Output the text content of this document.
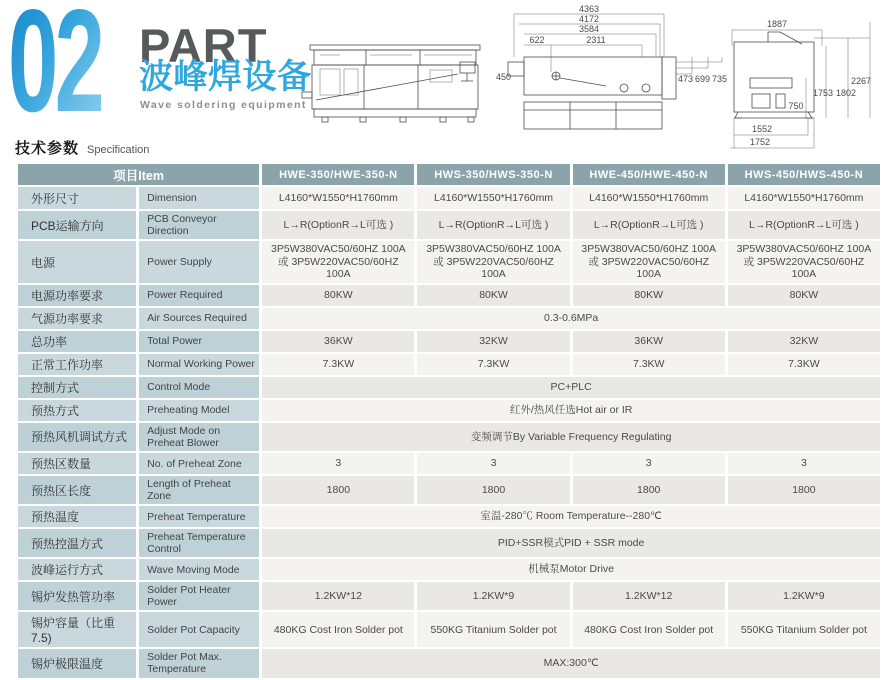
02 PART
波峰焊设备
Wave soldering equipment
技术参数 Specification
4363
4172
3584
622	2311
450	473 699 735
1887
2267
1753 1802
750
1552
1752
项目Item		HWE-350/HWE-350-N	HWS-350/HWS-350-N	HWE-450/HWE-450-N	HWS-450/HWS-450-N
外形尺寸	Dimension	L4160*W1550*H1760mm	L4160*W1550*H1760mm	L4160*W1550*H1760mm	L4160*W1550*H1760mm
PCB运输方向	PCB Conveyor Direction	L→R(OptionR→L可选 )	L→R(OptionR→L可选 )	L→R(OptionR→L可选 )	L→R(OptionR→L可选 )
电源	Power Supply	3P5W380VAC50/60HZ 100A或 3P5W220VAC50/60HZ 100A	3P5W380VAC50/60HZ 100A或 3P5W220VAC50/60HZ 100A	3P5W380VAC50/60HZ 100A或 3P5W220VAC50/60HZ 100A	3P5W380VAC50/60HZ 100A或 3P5W220VAC50/60HZ 100A
电源功率要求	Power Required	80KW	80KW	80KW	80KW
气源功率要求	Air Sources Required	0.3-0.6MPa			
总功率	Total Power	36KW	32KW	36KW	32KW
正常工作功率	Normal Working Power	7.3KW	7.3KW	7.3KW	7.3KW
控制方式	Control Mode	PC+PLC			
预热方式	Preheating Model	红外/热风任选Hot air or IR			
预热风机调试方式	Adjust Mode on Preheat Blower	变频调节By Variable Frequency Regulating			
预热区数量	No. of Preheat Zone	3	3	3	3
预热区长度	Length of Preheat Zone	1800	1800	1800	1800
预热温度	Preheat Temperature	室温-280℃ Room Temperature--280℃			
预热控温方式	Preheat Temperature Control	PID+SSR模式PID + SSR mode			
波峰运行方式	Wave Moving Mode	机械泵Motor Drive			
锡炉发热管功率	Solder Pot Heater Power	1.2KW*12	1.2KW*9	1.2KW*12	1.2KW*9
锡炉容量（比重7.5)	Solder Pot Capacity	480KG Cost Iron Solder pot	550KG Titanium Solder pot	480KG Cost Iron Solder pot	550KG Titanium Solder pot
锡炉极限温度	Solder Pot Max. Temperature	MAX:300℃			
